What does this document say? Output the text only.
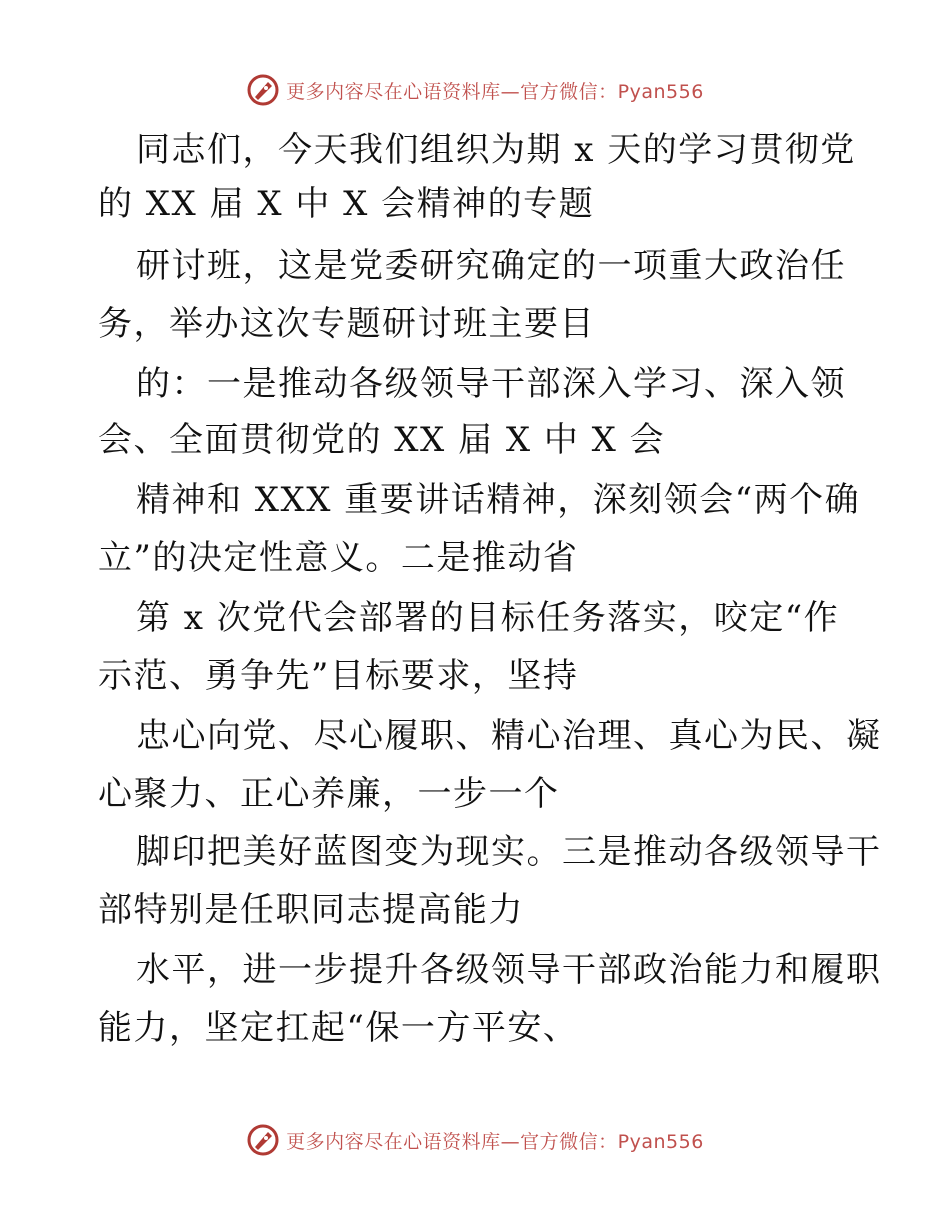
更多内容尽在心语资料库—官方微信：Pyan556
同志们，今天我们组织为期 x 天的学习贯彻党
的 XX 届 X 中 X 会精神的专题
研讨班，这是党委研究确定的一项重大政治任
务，举办这次专题研讨班主要目
的：一是推动各级领导干部深入学习、深入领
会、全面贯彻党的 XX 届 X 中 X 会
精神和 XXX 重要讲话精神，深刻领会“两个确
立”的决定性意义。二是推动省
第 x 次党代会部署的目标任务落实，咬定“作
示范、勇争先”目标要求，坚持
忠心向党、尽心履职、精心治理、真心为民、凝
心聚力、正心养廉，一步一个
脚印把美好蓝图变为现实。三是推动各级领导干
部特别是任职同志提高能力
水平，进一步提升各级领导干部政治能力和履职
能力，坚定扛起“保一方平安、
更多内容尽在心语资料库—官方微信：Pyan556
